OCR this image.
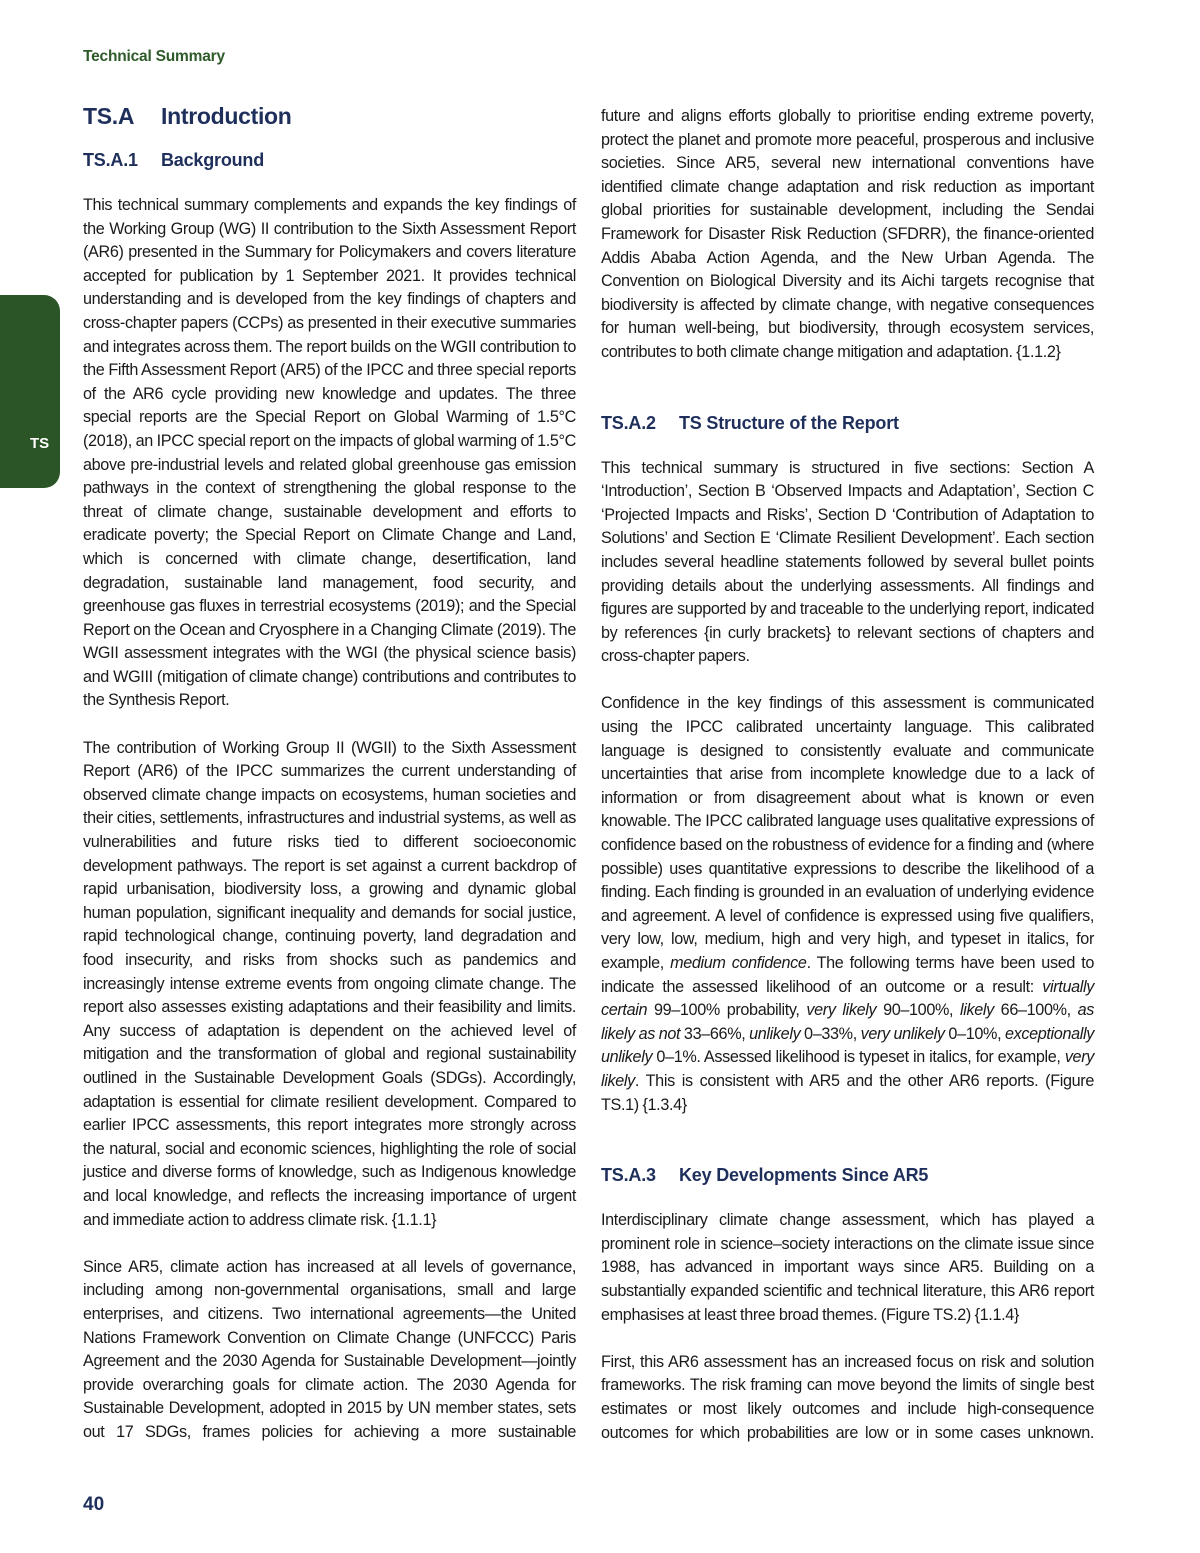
Technical Summary
TS
TS.A Introduction
TS.A.1 Background

This technical summary complements and expands the key findings of the Working Group (WG) II contribution to the Sixth Assessment Report (AR6) presented in the Summary for Policymakers and covers literature accepted for publication by 1 September 2021. It provides technical understanding and is developed from the key findings of chapters and cross-chapter papers (CCPs) as presented in their executive summaries and integrates across them. The report builds on the WGII contribution to the Fifth Assessment Report (AR5) of the IPCC and three special reports of the AR6 cycle providing new knowledge and updates. The three special reports are the Special Report on Global Warming of 1.5°C (2018), an IPCC special report on the impacts of global warming of 1.5°C above pre-industrial levels and related global greenhouse gas emission pathways in the context of strengthening the global response to the threat of climate change, sustainable development and efforts to eradicate poverty; the Special Report on Climate Change and Land, which is concerned with climate change, desertification, land degradation, sustainable land management, food security, and greenhouse gas fluxes in terrestrial ecosystems (2019); and the Special Report on the Ocean and Cryosphere in a Changing Climate (2019). The WGII assessment integrates with the WGI (the physical science basis) and WGIII (mitigation of climate change) contributions and contributes to the Synthesis Report.

The contribution of Working Group II (WGII) to the Sixth Assessment Report (AR6) of the IPCC summarizes the current understanding of observed climate change impacts on ecosystems, human societies and their cities, settlements, infrastructures and industrial systems, as well as vulnerabilities and future risks tied to different socioeconomic development pathways. The report is set against a current backdrop of rapid urbanisation, biodiversity loss, a growing and dynamic global human population, significant inequality and demands for social justice, rapid technological change, continuing poverty, land degradation and food insecurity, and risks from shocks such as pandemics and increasingly intense extreme events from ongoing climate change. The report also assesses existing adaptations and their feasibility and limits. Any success of adaptation is dependent on the achieved level of mitigation and the transformation of global and regional sustainability outlined in the Sustainable Development Goals (SDGs). Accordingly, adaptation is essential for climate resilient development. Compared to earlier IPCC assessments, this report integrates more strongly across the natural, social and economic sciences, highlighting the role of social justice and diverse forms of knowledge, such as Indigenous knowledge and local knowledge, and reflects the increasing importance of urgent and immediate action to address climate risk. {1.1.1}

Since AR5, climate action has increased at all levels of governance, including among non-governmental organisations, small and large enterprises, and citizens. Two international agreements—the United Nations Framework Convention on Climate Change (UNFCCC) Paris Agreement and the 2030 Agenda for Sustainable Development—jointly provide overarching goals for climate action. The 2030 Agenda for Sustainable Development, adopted in 2015 by UN member states, sets out 17 SDGs, frames policies for achieving a more sustainable

future and aligns efforts globally to prioritise ending extreme poverty, protect the planet and promote more peaceful, prosperous and inclusive societies. Since AR5, several new international conventions have identified climate change adaptation and risk reduction as important global priorities for sustainable development, including the Sendai Framework for Disaster Risk Reduction (SFDRR), the finance-oriented Addis Ababa Action Agenda, and the New Urban Agenda. The Convention on Biological Diversity and its Aichi targets recognise that biodiversity is affected by climate change, with negative consequences for human well-being, but biodiversity, through ecosystem services, contributes to both climate change mitigation and adaptation. {1.1.2}

TS.A.2 TS Structure of the Report

This technical summary is structured in five sections: Section A ‘Introduction’, Section B ‘Observed Impacts and Adaptation’, Section C ‘Projected Impacts and Risks’, Section D ‘Contribution of Adaptation to Solutions’ and Section E ‘Climate Resilient Development’. Each section includes several headline statements followed by several bullet points providing details about the underlying assessments. All findings and figures are supported by and traceable to the underlying report, indicated by references {in curly brackets} to relevant sections of chapters and cross-chapter papers.

Confidence in the key findings of this assessment is communicated using the IPCC calibrated uncertainty language. This calibrated language is designed to consistently evaluate and communicate uncertainties that arise from incomplete knowledge due to a lack of information or from disagreement about what is known or even knowable. The IPCC calibrated language uses qualitative expressions of confidence based on the robustness of evidence for a finding and (where possible) uses quantitative expressions to describe the likelihood of a finding. Each finding is grounded in an evaluation of underlying evidence and agreement. A level of confidence is expressed using five qualifiers, very low, low, medium, high and very high, and typeset in italics, for example, medium confidence. The following terms have been used to indicate the assessed likelihood of an outcome or a result: virtually certain 99–100% probability, very likely 90–100%, likely 66–100%, as likely as not 33–66%, unlikely 0–33%, very unlikely 0–10%, exceptionally unlikely 0–1%. Assessed likelihood is typeset in italics, for example, very likely. This is consistent with AR5 and the other AR6 reports. (Figure TS.1) {1.3.4}

TS.A.3 Key Developments Since AR5

Interdisciplinary climate change assessment, which has played a prominent role in science–society interactions on the climate issue since 1988, has advanced in important ways since AR5. Building on a substantially expanded scientific and technical literature, this AR6 report emphasises at least three broad themes. (Figure TS.2) {1.1.4}

First, this AR6 assessment has an increased focus on risk and solution frameworks. The risk framing can move beyond the limits of single best estimates or most likely outcomes and include high-consequence outcomes for which probabilities are low or in some cases unknown.

40
